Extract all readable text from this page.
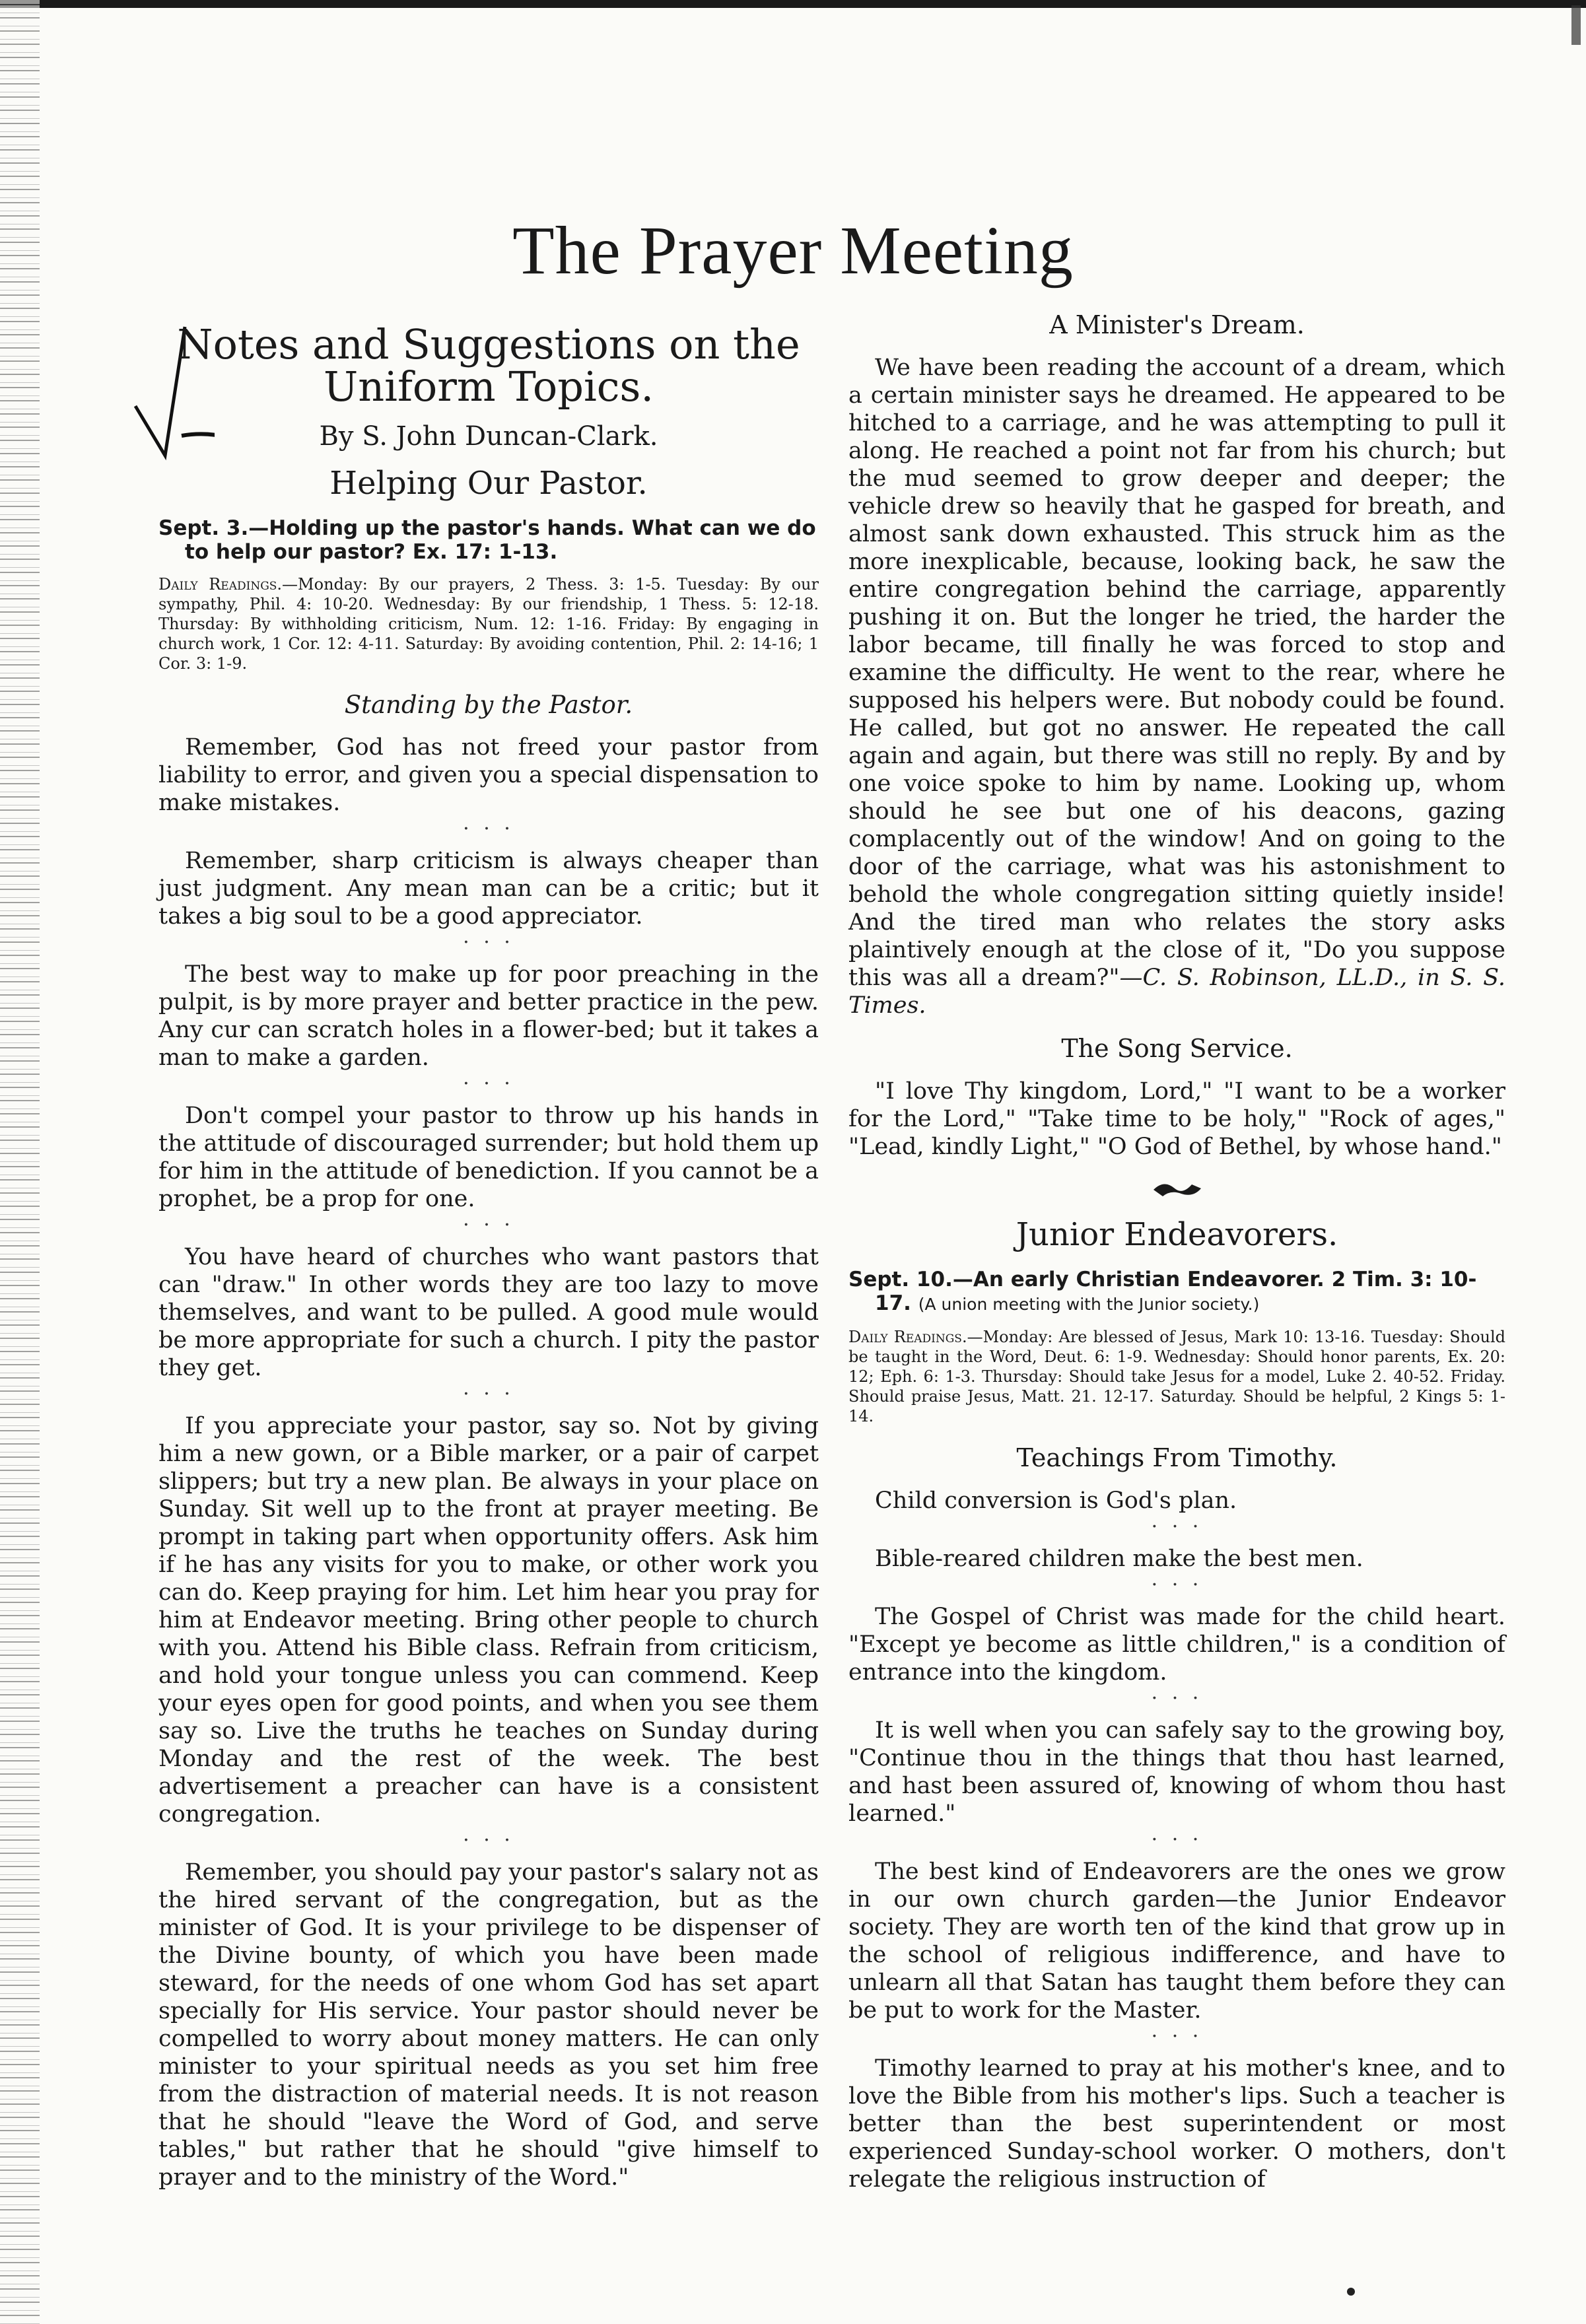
The Prayer Meeting
Notes and Suggestions on the Uniform Topics.
By S. John Duncan-Clark.
Helping Our Pastor.
Sept. 3.—Holding up the pastor's hands. What can we do to help our pastor? Ex. 17: 1-13.
Daily Readings.—Monday: By our prayers, 2 Thess. 3: 1-5. Tuesday: By our sympathy, Phil. 4: 10-20. Wednesday: By our friendship, 1 Thess. 5: 12-18. Thursday: By withholding criticism, Num. 12: 1-16. Friday: By engaging in church work, 1 Cor. 12: 4-11. Saturday: By avoiding contention, Phil. 2: 14-16; 1 Cor. 3: 1-9.
Standing by the Pastor.

Remember, God has not freed your pastor from liability to error, and given you a special dispensation to make mistakes.

· · ·

Remember, sharp criticism is always cheaper than just judgment. Any mean man can be a critic; but it takes a big soul to be a good appreciator.

· · ·

The best way to make up for poor preaching in the pulpit, is by more prayer and better practice in the pew. Any cur can scratch holes in a flower-bed; but it takes a man to make a garden.

· · ·

Don't compel your pastor to throw up his hands in the attitude of discouraged surrender; but hold them up for him in the attitude of benediction. If you cannot be a prophet, be a prop for one.

· · ·

You have heard of churches who want pastors that can "draw." In other words they are too lazy to move themselves, and want to be pulled. A good mule would be more appropriate for such a church. I pity the pastor they get.

· · ·

If you appreciate your pastor, say so. Not by giving him a new gown, or a Bible marker, or a pair of carpet slippers; but try a new plan. Be always in your place on Sunday. Sit well up to the front at prayer meeting. Be prompt in taking part when opportunity offers. Ask him if he has any visits for you to make, or other work you can do. Keep praying for him. Let him hear you pray for him at Endeavor meeting. Bring other people to church with you. Attend his Bible class. Refrain from criticism, and hold your tongue unless you can commend. Keep your eyes open for good points, and when you see them say so. Live the truths he teaches on Sunday during Monday and the rest of the week. The best advertisement a preacher can have is a consistent congregation.

· · ·

Remember, you should pay your pastor's salary not as the hired servant of the congregation, but as the minister of God. It is your privilege to be dispenser of the Divine bounty, of which you have been made steward, for the needs of one whom God has set apart specially for His service. Your pastor should never be compelled to worry about money matters. He can only minister to your spiritual needs as you set him free from the distraction of material needs. It is not reason that he should "leave the Word of God, and serve tables," but rather that he should "give himself to prayer and to the ministry of the Word."

A Minister's Dream.

We have been reading the account of a dream, which a certain minister says he dreamed. He appeared to be hitched to a carriage, and he was attempting to pull it along. He reached a point not far from his church; but the mud seemed to grow deeper and deeper; the vehicle drew so heavily that he gasped for breath, and almost sank down exhausted. This struck him as the more inexplicable, because, looking back, he saw the entire congregation behind the carriage, apparently pushing it on. But the longer he tried, the harder the labor became, till finally he was forced to stop and examine the difficulty. He went to the rear, where he supposed his helpers were. But nobody could be found. He called, but got no answer. He repeated the call again and again, but there was still no reply. By and by one voice spoke to him by name. Looking up, whom should he see but one of his deacons, gazing complacently out of the window! And on going to the door of the carriage, what was his astonishment to behold the whole congregation sitting quietly inside! And the tired man who relates the story asks plaintively enough at the close of it, "Do you suppose this was all a dream?"—C. S. Robinson, LL.D., in S. S. Times.

The Song Service.

"I love Thy kingdom, Lord," "I want to be a worker for the Lord," "Take time to be holy," "Rock of ages," "Lead, kindly Light," "O God of Bethel, by whose hand."

Junior Endeavorers.
Sept. 10.—An early Christian Endeavorer. 2 Tim. 3: 10-17. (A union meeting with the Junior society.)
Daily Readings.—Monday: Are blessed of Jesus, Mark 10: 13-16. Tuesday: Should be taught in the Word, Deut. 6: 1-9. Wednesday: Should honor parents, Ex. 20: 12; Eph. 6: 1-3. Thursday: Should take Jesus for a model, Luke 2. 40-52. Friday. Should praise Jesus, Matt. 21. 12-17. Saturday. Should be helpful, 2 Kings 5: 1-14.
Teachings From Timothy.

Child conversion is God's plan.

· · ·

Bible-reared children make the best men.

· · ·

The Gospel of Christ was made for the child heart. "Except ye become as little children," is a condition of entrance into the kingdom.

· · ·

It is well when you can safely say to the growing boy, "Continue thou in the things that thou hast learned, and hast been assured of, knowing of whom thou hast learned."

· · ·

The best kind of Endeavorers are the ones we grow in our own church garden—the Junior Endeavor society. They are worth ten of the kind that grow up in the school of religious indifference, and have to unlearn all that Satan has taught them before they can be put to work for the Master.

· · ·

Timothy learned to pray at his mother's knee, and to love the Bible from his mother's lips. Such a teacher is better than the best superintendent or most experienced Sunday-school worker. O mothers, don't relegate the religious instruction of
